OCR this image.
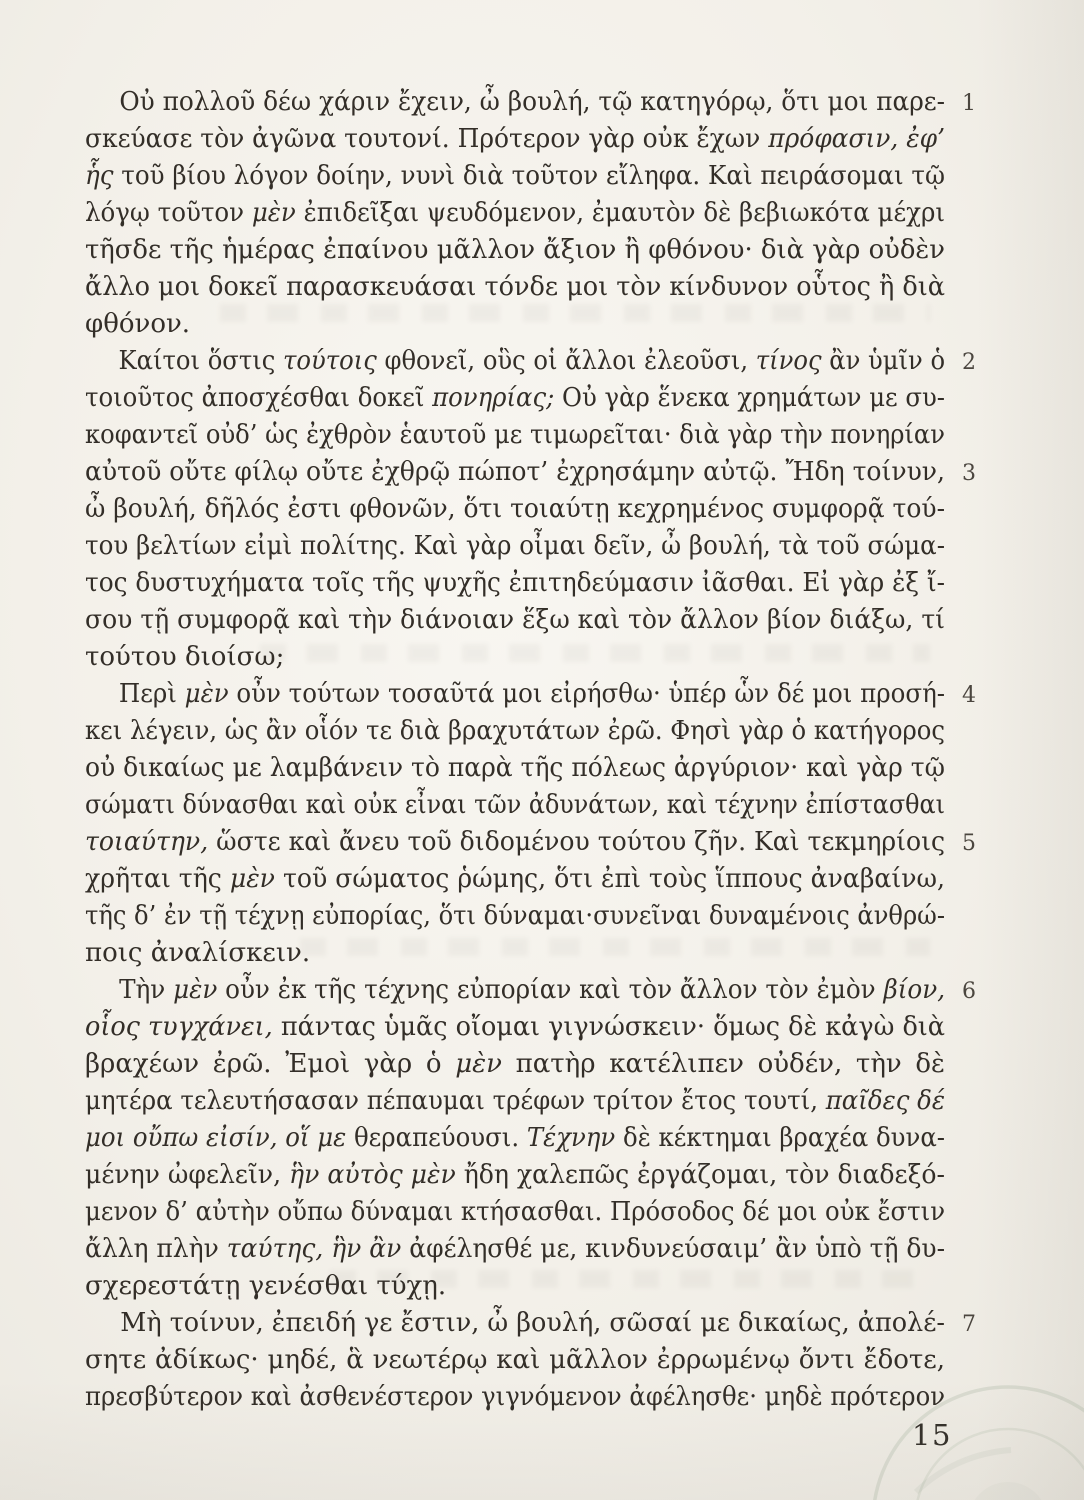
Οὐ πολλοῦ δέω χάριν ἔχειν, ὦ βουλή, τῷ κατηγόρῳ, ὅτι μοι παρε-
σκεύασε τὸν ἀγῶνα τουτονί. Πρότερον γὰρ οὐκ ἔχων πρόφασιν, ἐφ’
ἧς τοῦ βίου λόγον δοίην, νυνὶ διὰ τοῦτον εἴληφα. Καὶ πειράσομαι τῷ
λόγῳ τοῦτον μὲν ἐπιδεῖξαι ψευδόμενον, ἐμαυτὸν δὲ βεβιωκότα μέχρι
τῆσδε τῆς ἡμέρας ἐπαίνου μᾶλλον ἄξιον ἢ φθόνου· διὰ γὰρ οὐδὲν
ἄλλο μοι δοκεῖ παρασκευάσαι τόνδε μοι τὸν κίνδυνον οὗτος ἢ διὰ
φθόνον.
Καίτοι ὅστις τούτοις φθονεῖ, οὓς οἱ ἄλλοι ἐλεοῦσι, τίνος ἂν ὑμῖν ὁ
τοιοῦτος ἀποσχέσθαι δοκεῖ πονηρίας; Οὐ γὰρ ἕνεκα χρημάτων με συ-
κοφαντεῖ οὐδ’ ὡς ἐχθρὸν ἑαυτοῦ με τιμωρεῖται· διὰ γὰρ τὴν πονηρίαν
αὐτοῦ οὔτε φίλῳ οὔτε ἐχθρῷ πώποτ’ ἐχρησάμην αὐτῷ. Ἤδη τοίνυν,
ὦ βουλή, δῆλός ἐστι φθονῶν, ὅτι τοιαύτῃ κεχρημένος συμφορᾷ τού-
του βελτίων εἰμὶ πολίτης. Καὶ γὰρ οἶμαι δεῖν, ὦ βουλή, τὰ τοῦ σώμα-
τος δυστυχήματα τοῖς τῆς ψυχῆς ἐπιτηδεύμασιν ἰᾶσθαι. Εἰ γὰρ ἐξ ἴ-
σου τῇ συμφορᾷ καὶ τὴν διάνοιαν ἕξω καὶ τὸν ἄλλον βίον διάξω, τί
τούτου διοίσω;
Περὶ μὲν οὖν τούτων τοσαῦτά μοι εἰρήσθω· ὑπέρ ὧν δέ μοι προσή-
κει λέγειν, ὡς ἂν οἷόν τε διὰ βραχυτάτων ἐρῶ. Φησὶ γὰρ ὁ κατήγορος
οὐ δικαίως με λαμβάνειν τὸ παρὰ τῆς πόλεως ἀργύριον· καὶ γὰρ τῷ
σώματι δύνασθαι καὶ οὐκ εἶναι τῶν ἀδυνάτων, καὶ τέχνην ἐπίστασθαι
τοιαύτην, ὥστε καὶ ἄνευ τοῦ διδομένου τούτου ζῆν. Καὶ τεκμηρίοις
χρῆται τῆς μὲν τοῦ σώματος ῥώμης, ὅτι ἐπὶ τοὺς ἵππους ἀναβαίνω,
τῆς δ’ ἐν τῇ τέχνῃ εὐπορίας, ὅτι δύναμαι·συνεῖναι δυναμένοις ἀνθρώ-
ποις ἀναλίσκειν.
Τὴν μὲν οὖν ἐκ τῆς τέχνης εὐπορίαν καὶ τὸν ἄλλον τὸν ἐμὸν βίον,
οἷος τυγχάνει, πάντας ὑμᾶς οἴομαι γιγνώσκειν· ὅμως δὲ κἀγὼ διὰ
βραχέων ἐρῶ. Ἐμοὶ γὰρ ὁ μὲν πατὴρ κατέλιπεν οὐδέν, τὴν δὲ
μητέρα τελευτήσασαν πέπαυμαι τρέφων τρίτον ἔτος τουτί, παῖδες δέ
μοι οὔπω εἰσίν, οἵ με θεραπεύουσι. Τέχνην δὲ κέκτημαι βραχέα δυνα-
μένην ὠφελεῖν, ἣν αὐτὸς μὲν ἤδη χαλεπῶς ἐργάζομαι, τὸν διαδεξό-
μενον δ’ αὐτὴν οὔπω δύναμαι κτήσασθαι. Πρόσοδος δέ μοι οὐκ ἔστιν
ἄλλη πλὴν ταύτης, ἣν ἂν ἀφέλησθέ με, κινδυνεύσαιμ’ ἂν ὑπὸ τῇ δυ-
σχερεστάτῃ γενέσθαι τύχῃ.
Μὴ τοίνυν, ἐπειδή γε ἔστιν, ὦ βουλή, σῶσαί με δικαίως, ἀπολέ-
σητε ἀδίκως· μηδέ, ἃ νεωτέρῳ καὶ μᾶλλον ἐρρωμένῳ ὄντι ἔδοτε,
πρεσβύτερον καὶ ἀσθενέστερον γιγνόμενον ἀφέλησθε· μηδὲ πρότερον
1
2
3
4
5
6
7
15
